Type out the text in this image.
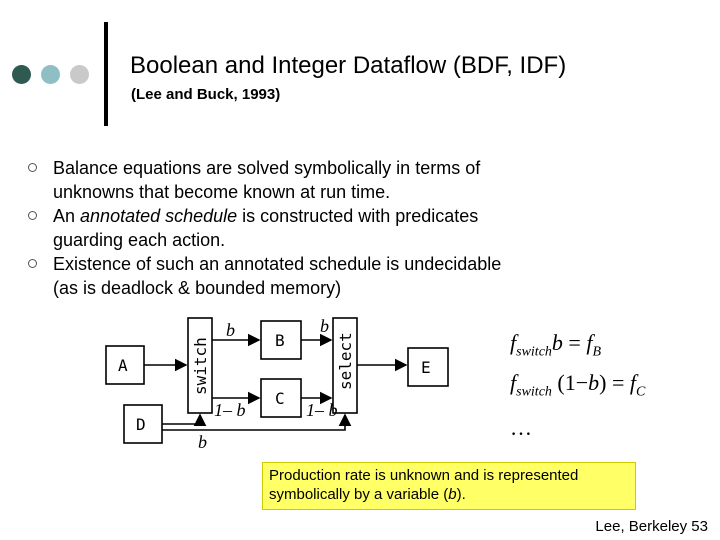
Boolean and Integer Dataflow (BDF, IDF)
(Lee and Buck, 1993)
Balance equations are solved symbolically in terms of unknowns that become known at run time.
An annotated schedule is constructed with predicates guarding each action.
Existence of such an annotated schedule is undecidable (as is deadlock & bounded memory)
A
D
switch	B
C
select	E
b
1– b
b
1– b
b
$f_{switch}b = f_B$
$f_{switch}$ $(1-b) = f_C$
…
Production rate is unknown and is represented symbolically by a variable (b).
Lee, Berkeley 53
